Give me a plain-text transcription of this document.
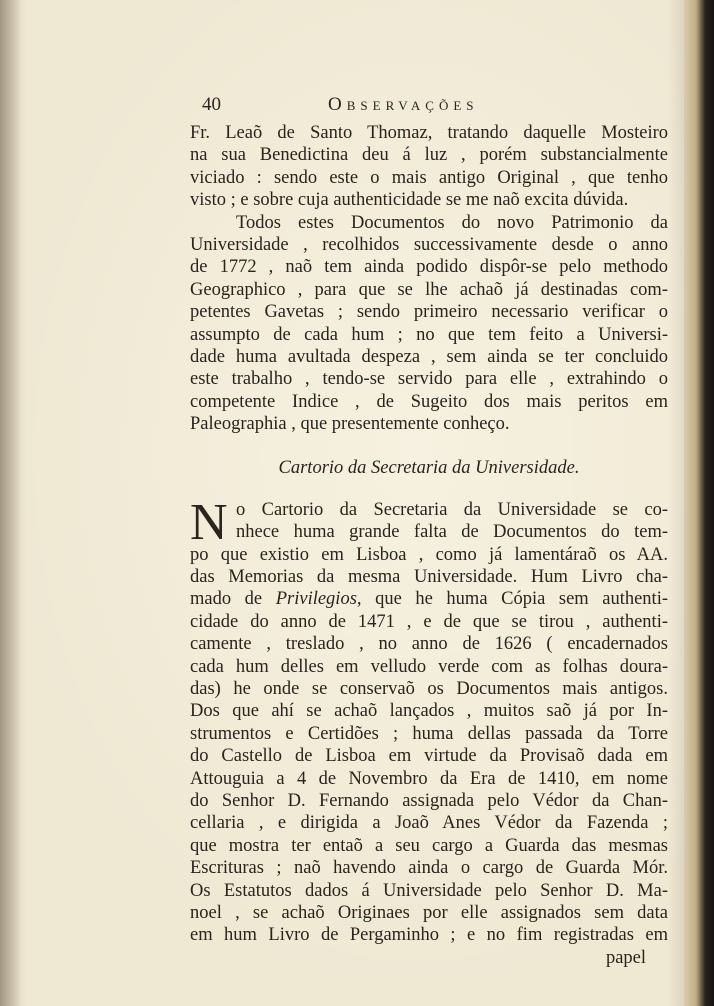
40	Observações
Fr. Leaõ de Santo Thomaz, tratando daquelle Mosteiro
na sua Benedictina deu á luz , porém substancialmente
viciado : sendo este o mais antigo Original , que tenho
visto ; e sobre cuja authenticidade se me naõ excita dúvida.
Todos estes Documentos do novo Patrimonio da
Universidade , recolhidos successivamente desde o anno
de 1772 , naõ tem ainda podido dispôr-se pelo methodo
Geographico , para que se lhe achaõ já destinadas com-
petentes Gavetas ; sendo primeiro necessario verificar o
assumpto de cada hum ; no que tem feito a Universi-
dade huma avultada despeza , sem ainda se ter concluido
este trabalho , tendo-se servido para elle , extrahindo o
competente Indice , de Sugeito dos mais peritos em
Paleographia , que presentemente conheço.
Cartorio da Secretaria da Universidade.
N o Cartorio da Secretaria da Universidade se co-
nhece huma grande falta de Documentos do tem-
po que existio em Lisboa , como já lamentáraõ os AA.
das Memorias da mesma Universidade. Hum Livro cha-
mado de Privilegios, que he huma Cópia sem authenti-
cidade do anno de 1471 , e de que se tirou , authenti-
camente , treslado , no anno de 1626 ( encadernados
cada hum delles em velludo verde com as folhas doura-
das) he onde se conservaõ os Documentos mais antigos.
Dos que ahí se achaõ lançados , muitos saõ já por In-
strumentos e Certidões ; huma dellas passada da Torre
do Castello de Lisboa em virtude da Provisaõ dada em
Attouguia a 4 de Novembro da Era de 1410, em nome
do Senhor D. Fernando assignada pelo Védor da Chan-
cellaria , e dirigida a Joaõ Anes Védor da Fazenda ;
que mostra ter entaõ a seu cargo a Guarda das mesmas
Escrituras ; naõ havendo ainda o cargo de Guarda Mór.
Os Estatutos dados á Universidade pelo Senhor D. Ma-
noel , se achaõ Originaes por elle assignados sem data
em hum Livro de Pergaminho ; e no fim registradas em
papel
